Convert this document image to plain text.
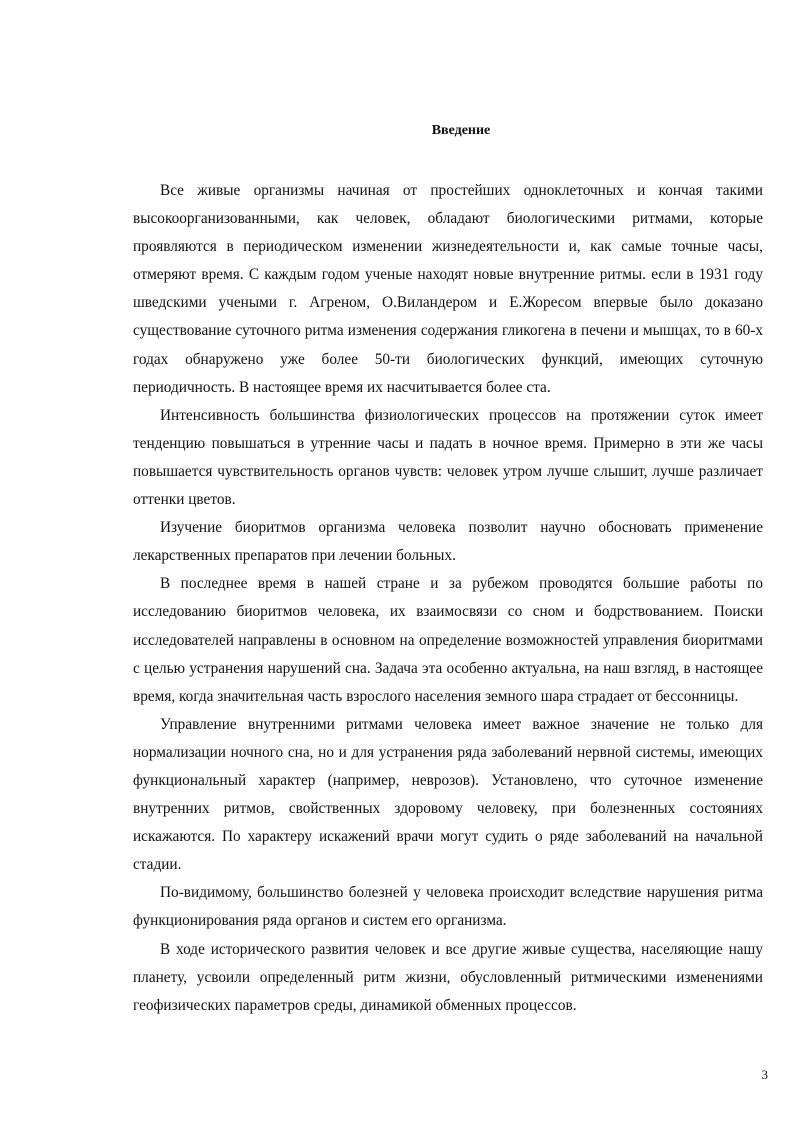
Введение

Все живые организмы начиная от простейших одноклеточных и кончая такими высокоорганизованными, как человек, обладают биологическими ритмами, которые проявляются в периодическом изменении жизнедеятельности и, как самые точные часы, отмеряют время. С каждым годом ученые находят новые внутренние ритмы. если в 1931 году шведскими учеными г. Агреном, О.Виландером и Е.Жоресом впервые было доказано существование суточного ритма изменения содержания гликогена в печени и мышцах, то в 60-х годах обнаружено уже более 50-ти биологических функций, имеющих суточную периодичность. В настоящее время их насчитывается более ста.

Интенсивность большинства физиологических процессов на протяжении суток имеет тенденцию повышаться в утренние часы и падать в ночное время. Примерно в эти же часы повышается чувствительность органов чувств: человек утром лучше слышит, лучше различает оттенки цветов.

Изучение биоритмов организма человека позволит научно обосновать применение лекарственных препаратов при лечении больных.

В последнее время в нашей стране и за рубежом проводятся большие работы по исследованию биоритмов человека, их взаимосвязи со сном и бодрствованием. Поиски исследователей направлены в основном на определение возможностей управления биоритмами с целью устранения нарушений сна. Задача эта особенно актуальна, на наш взгляд, в настоящее время, когда значительная часть взрослого населения земного шара страдает от бессонницы.

Управление внутренними ритмами человека имеет важное значение не только для нормализации ночного сна, но и для устранения ряда заболеваний нервной системы, имеющих функциональный характер (например, неврозов). Установлено, что суточное изменение внутренних ритмов, свойственных здоровому человеку, при болезненных состояниях искажаются. По характеру искажений врачи могут судить о ряде заболеваний на начальной стадии.

По-видимому, большинство болезней у человека происходит вследствие нарушения ритма функционирования ряда органов и систем его организма.

В ходе исторического развития человек и все другие живые существа, населяющие нашу планету, усвоили определенный ритм жизни, обусловленный ритмическими изменениями геофизических параметров среды, динамикой обменных процессов.

3
